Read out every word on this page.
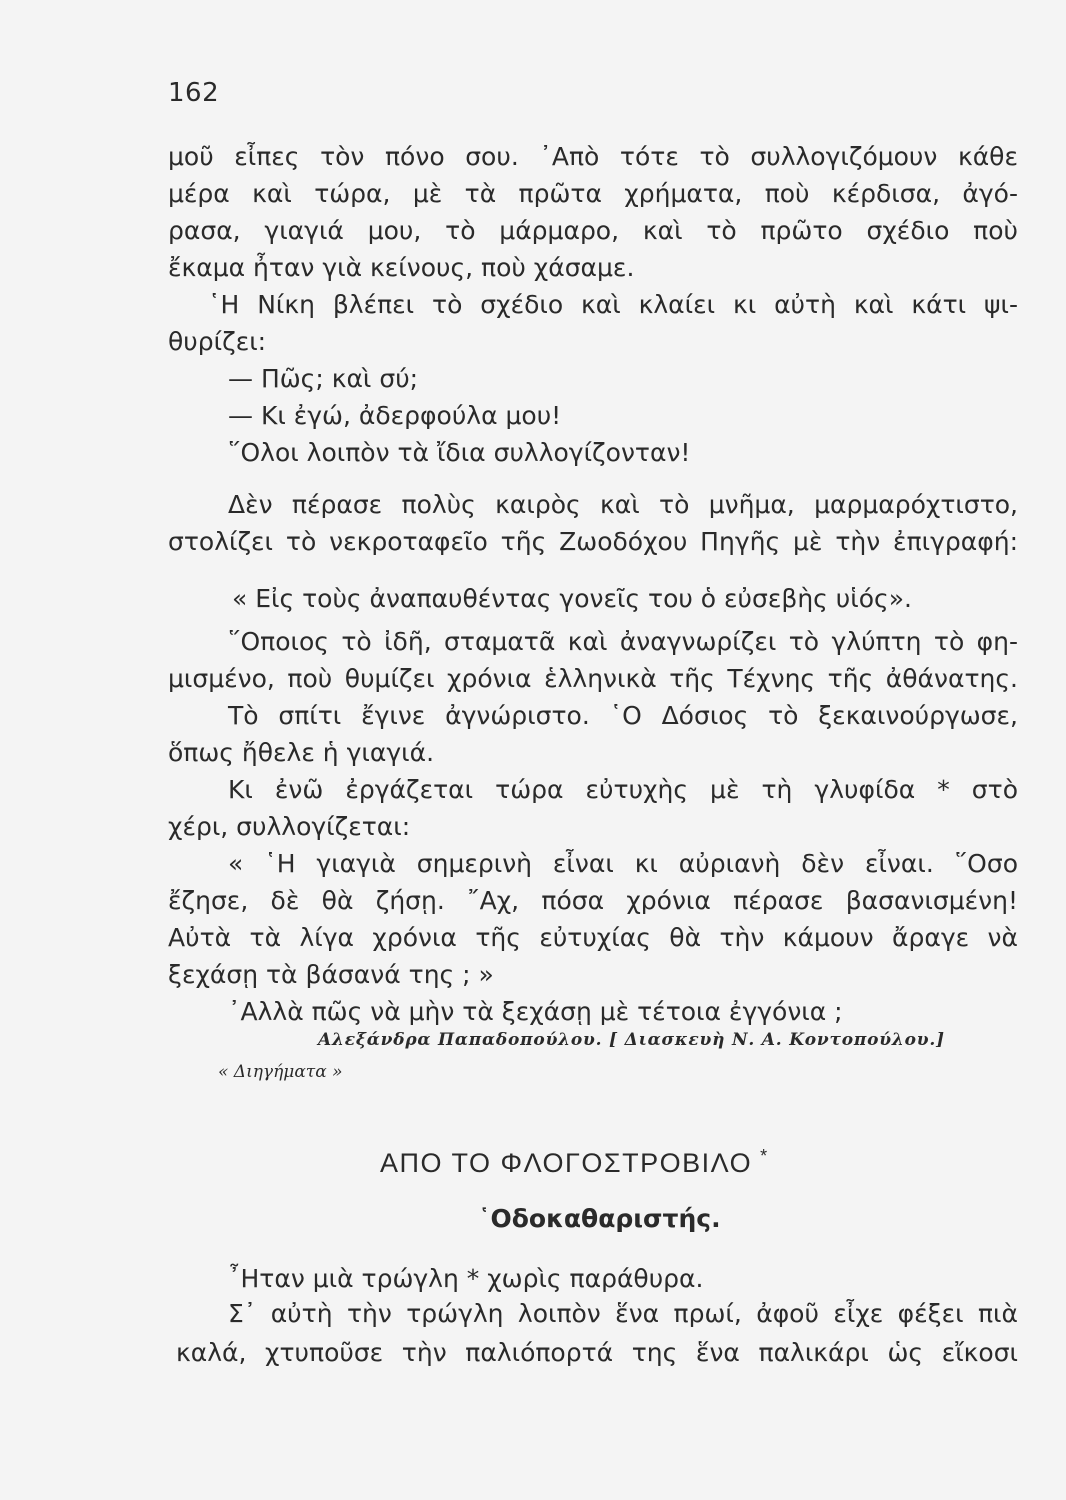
162
μοῦ εἶπες τὸν πόνο σου. ᾿Απὸ τότε τὸ συλλογιζόμουν κάθε
μέρα καὶ τώρα, μὲ τὰ πρῶτα χρήματα, ποὺ κέρδισα, ἀγό-
ρασα, γιαγιά μου, τὸ μάρμαρο, καὶ τὸ πρῶτο σχέδιο ποὺ
ἔκαμα ἦταν γιὰ κείνους, ποὺ χάσαμε.
῾Η Νίκη βλέπει τὸ σχέδιο καὶ κλαίει κι αὐτὴ καὶ κάτι ψι-
θυρίζει:
— Πῶς; καὶ σύ;
— Κι ἐγώ, ἀδερφούλα μου!
῞Ολοι λοιπὸν τὰ ἴδια συλλογίζονταν!
Δὲν πέρασε πολὺς καιρὸς καὶ τὸ μνῆμα, μαρμαρόχτιστο,
στολίζει τὸ νεκροταφεῖο τῆς Ζωοδόχου Πηγῆς μὲ τὴν ἐπιγραφή:
« Εἰς τοὺς ἀναπαυθέντας γονεῖς του ὁ εὐσεβὴς υἱός».
῞Οποιος τὸ ἰδῆ, σταματᾶ καὶ ἀναγνωρίζει τὸ γλύπτη τὸ φη-
μισμένο, ποὺ θυμίζει χρόνια ἑλληνικὰ τῆς Τέχνης τῆς ἀθάνατης.
Τὸ σπίτι ἔγινε ἀγνώριστο. ῾Ο Δόσιος τὸ ξεκαινούργωσε,
ὅπως ἤθελε ἡ γιαγιά.
Κι ἐνῶ ἐργάζεται τώρα εὐτυχὴς μὲ τὴ γλυφίδα * στὸ
χέρι, συλλογίζεται:
« ῾Η γιαγιὰ σημερινὴ εἶναι κι αὐριανὴ δὲν εἶναι. ῞Οσο
ἔζησε, δὲ θὰ ζήσῃ. ῎Αχ, πόσα χρόνια πέρασε βασανισμένη!
Αὐτὰ τὰ λίγα χρόνια τῆς εὐτυχίας θὰ τὴν κάμουν ἄραγε νὰ
ξεχάσῃ τὰ βάσανά της ; »
᾿Αλλὰ πῶς νὰ μὴν τὰ ξεχάσῃ μὲ τέτοια ἐγγόνια ;
Αλεξάνδρα Παπαδοπούλου. [ Διασκευὴ Ν. Α. Κοντοπούλου.]
« Διηγήματα »
ΑΠΟ ΤΟ ΦΛΟΓΟΣΤΡΟΒΙΛΟ *
῾Οδοκαθαριστής.
῏Ηταν μιὰ τρώγλη * χωρὶς παράθυρα.
Σ᾿ αὐτὴ τὴν τρώγλη λοιπὸν ἕνα πρωί, ἀφοῦ εἶχε φέξει πιὰ
καλά, χτυποῦσε τὴν παλιόπορτά της ἕνα παλικάρι ὡς εἴκοσι
